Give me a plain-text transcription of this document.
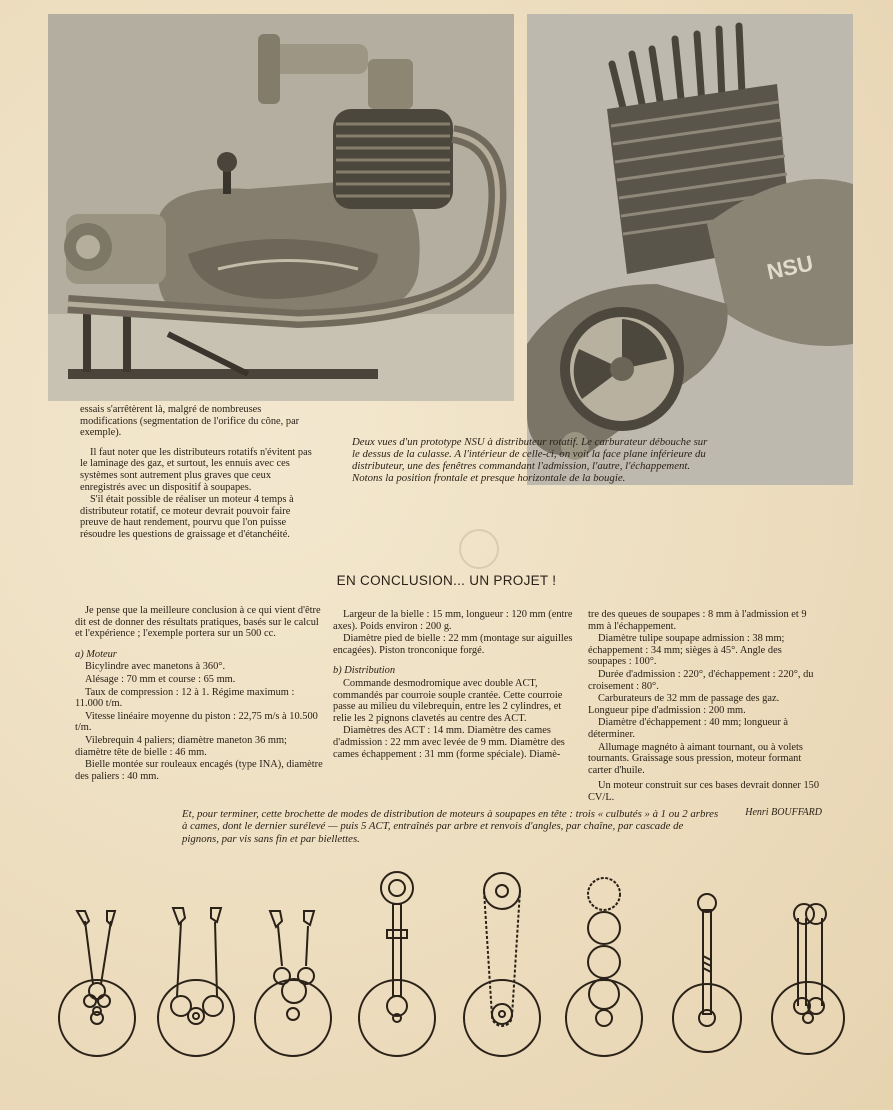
NSU

essais s'arrêtèrent là, malgré de nombreuses modifications (segmentation de l'orifice du cône, par exemple).

Il faut noter que les distributeurs rotatifs n'évitent pas le laminage des gaz, et surtout, les ennuis avec ces systèmes sont autrement plus graves que ceux enregistrés avec un dispositif à soupapes.

S'il était possible de réaliser un moteur 4 temps à distributeur rotatif, ce moteur devrait pouvoir faire preuve de haut rendement, pourvu que l'on puisse résoudre les questions de graissage et d'étanchéité.

Deux vues d'un prototype NSU à distributeur rotatif. Le carburateur débouche sur le dessus de la culasse. A l'intérieur de celle-ci, on voit la face plane inférieure du distributeur, une des fenêtres commandant l'admission, l'autre, l'échappement. Notons la position frontale et presque horizontale de la bougie.
EN CONCLUSION... UN PROJET !

Je pense que la meilleure conclusion à ce qui vient d'être dit est de donner des résultats pratiques, basés sur le calcul et l'expérience ; l'exemple portera sur un 500 cc.

a) Moteur

Bicylindre avec manetons à 360°.

Alésage : 70 mm et course : 65 mm.

Taux de compression : 12 à 1. Régime maximum : 11.000 t/m.

Vitesse linéaire moyenne du piston : 22,75 m/s à 10.500 t/m.

Vilebrequin 4 paliers; diamètre maneton 36 mm; diamètre tête de bielle : 46 mm.

Bielle montée sur rouleaux encagés (type INA), diamètre des paliers : 40 mm.

Largeur de la bielle : 15 mm, longueur : 120 mm (entre axes). Poids environ : 200 g.

Diamètre pied de bielle : 22 mm (montage sur aiguilles encagées). Piston tronconique forgé.

b) Distribution

Commande desmodromique avec double ACT, commandés par courroie souple crantée. Cette courroie passe au milieu du vilebrequin, entre les 2 cylindres, et relie les 2 pignons clavetés au centre des ACT.

Diamètres des ACT : 14 mm. Diamètre des cames d'admission : 22 mm avec levée de 9 mm. Diamètre des cames échappement : 31 mm (forme spéciale). Diamè-

tre des queues de soupapes : 8 mm à l'admission et 9 mm à l'échappement.

Diamètre tulipe soupape admission : 38 mm; échappement : 34 mm; sièges à 45°. Angle des soupapes : 100°.

Durée d'admission : 220°, d'échappement : 220°, du croisement : 80°.

Carburateurs de 32 mm de passage des gaz. Longueur pipe d'admission : 200 mm.

Diamètre d'échappement : 40 mm; longueur à déterminer.

Allumage magnéto à aimant tournant, ou à volets tournants. Graissage sous pression, moteur formant carter d'huile.

Un moteur construit sur ces bases devrait donner 150 CV/L.

Henri BOUFFARD

Et, pour terminer, cette brochette de modes de distribution de moteurs à soupapes en tête : trois « culbutés » à 1 ou 2 arbres à cames, dont le dernier surélevé — puis 5 ACT, entraînés par arbre et renvois d'angles, par chaîne, par cascade de pignons, par vis sans fin et par biellettes.
